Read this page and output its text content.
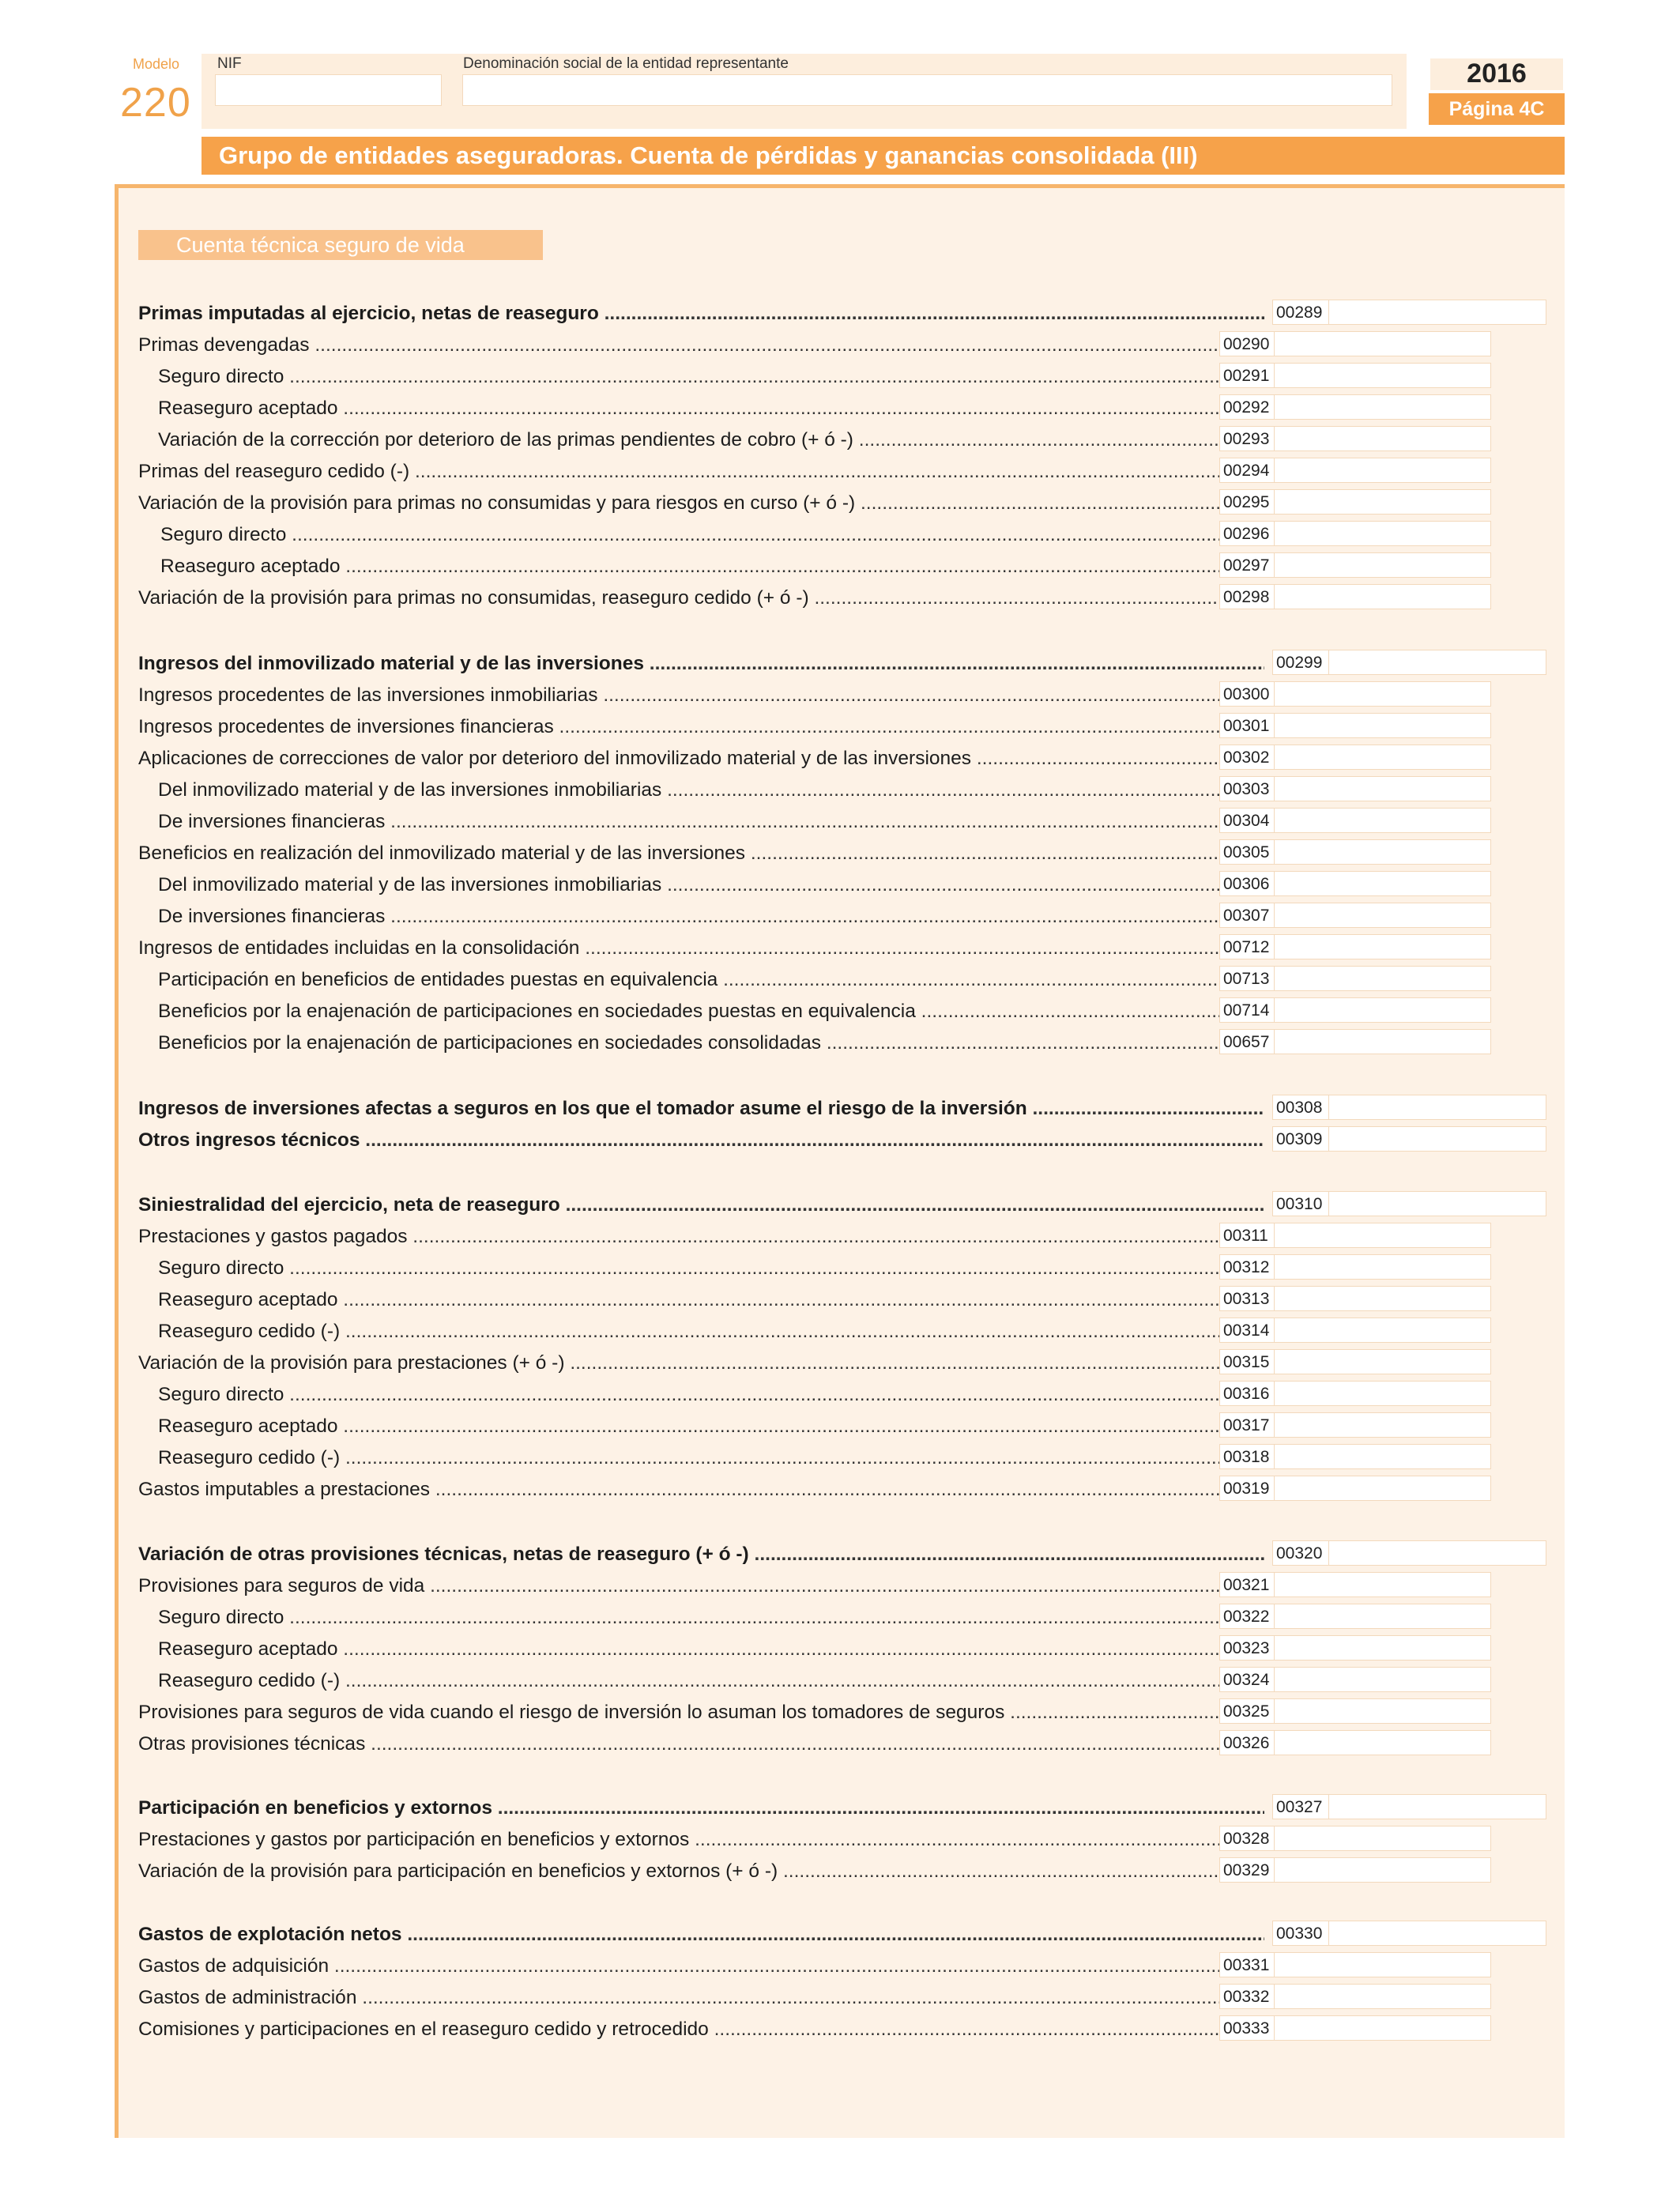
Modelo
220
NIF	Denominación social de la entidad representante	2016
Página 4C
Grupo de entidades aseguradoras. Cuenta de pérdidas y ganancias consolidada (III)
Cuenta técnica seguro de vida
Primas imputadas al ejercicio, netas de reaseguro .....	00289
Primas devengadas .....	00290
Seguro directo .....	00291
Reaseguro aceptado .....	00292
Variación de la corrección por deterioro de las primas pendientes de cobro (+ ó -) .....	00293
Primas del reaseguro cedido (-) .....	00294
Variación de la provisión para primas no consumidas y para riesgos en curso (+ ó -) .....	00295
Seguro directo .....	00296
Reaseguro aceptado .....	00297
Variación de la provisión para primas no consumidas, reaseguro cedido (+ ó -) .....	00298
Ingresos del inmovilizado material y de las inversiones .....	00299
Ingresos procedentes de las inversiones inmobiliarias .....	00300
Ingresos procedentes de inversiones financieras .....	00301
Aplicaciones de correcciones de valor por deterioro del inmovilizado material y de las inversiones .....	00302
Del inmovilizado material y de las inversiones inmobiliarias .....	00303
De inversiones financieras .....	00304
Beneficios en realización del inmovilizado material y de las inversiones .....	00305
Del inmovilizado material y de las inversiones inmobiliarias .....	00306
De inversiones financieras .....	00307
Ingresos de entidades incluidas en la consolidación .....	00712
Participación en beneficios de entidades puestas en equivalencia .....	00713
Beneficios por la enajenación de participaciones en sociedades puestas en equivalencia .....	00714
Beneficios por la enajenación de participaciones en sociedades consolidadas .....	00657
Ingresos de inversiones afectas a seguros en los que el tomador asume el riesgo de la inversión .....	00308
Otros ingresos técnicos .....	00309
Siniestralidad del ejercicio, neta de reaseguro .....	00310
Prestaciones y gastos pagados .....	00311
Seguro directo .....	00312
Reaseguro aceptado .....	00313
Reaseguro cedido (-) .....	00314
Variación de la provisión para prestaciones (+ ó -) .....	00315
Seguro directo .....	00316
Reaseguro aceptado .....	00317
Reaseguro cedido (-) .....	00318
Gastos imputables a prestaciones .....	00319
Variación de otras provisiones técnicas, netas de reaseguro (+ ó -) .....	00320
Provisiones para seguros de vida .....	00321
Seguro directo .....	00322
Reaseguro aceptado .....	00323
Reaseguro cedido (-) .....	00324
Provisiones para seguros de vida cuando el riesgo de inversión lo asuman los tomadores de seguros .....	00325
Otras provisiones técnicas .....	00326
Participación en beneficios y extornos .....	00327
Prestaciones y gastos por participación en beneficios y extornos .....	00328
Variación de la provisión para participación en beneficios y extornos (+ ó -) .....	00329
Gastos de explotación netos .....	00330
Gastos de adquisición .....	00331
Gastos de administración .....	00332
Comisiones y participaciones en el reaseguro cedido y retrocedido .....	00333
